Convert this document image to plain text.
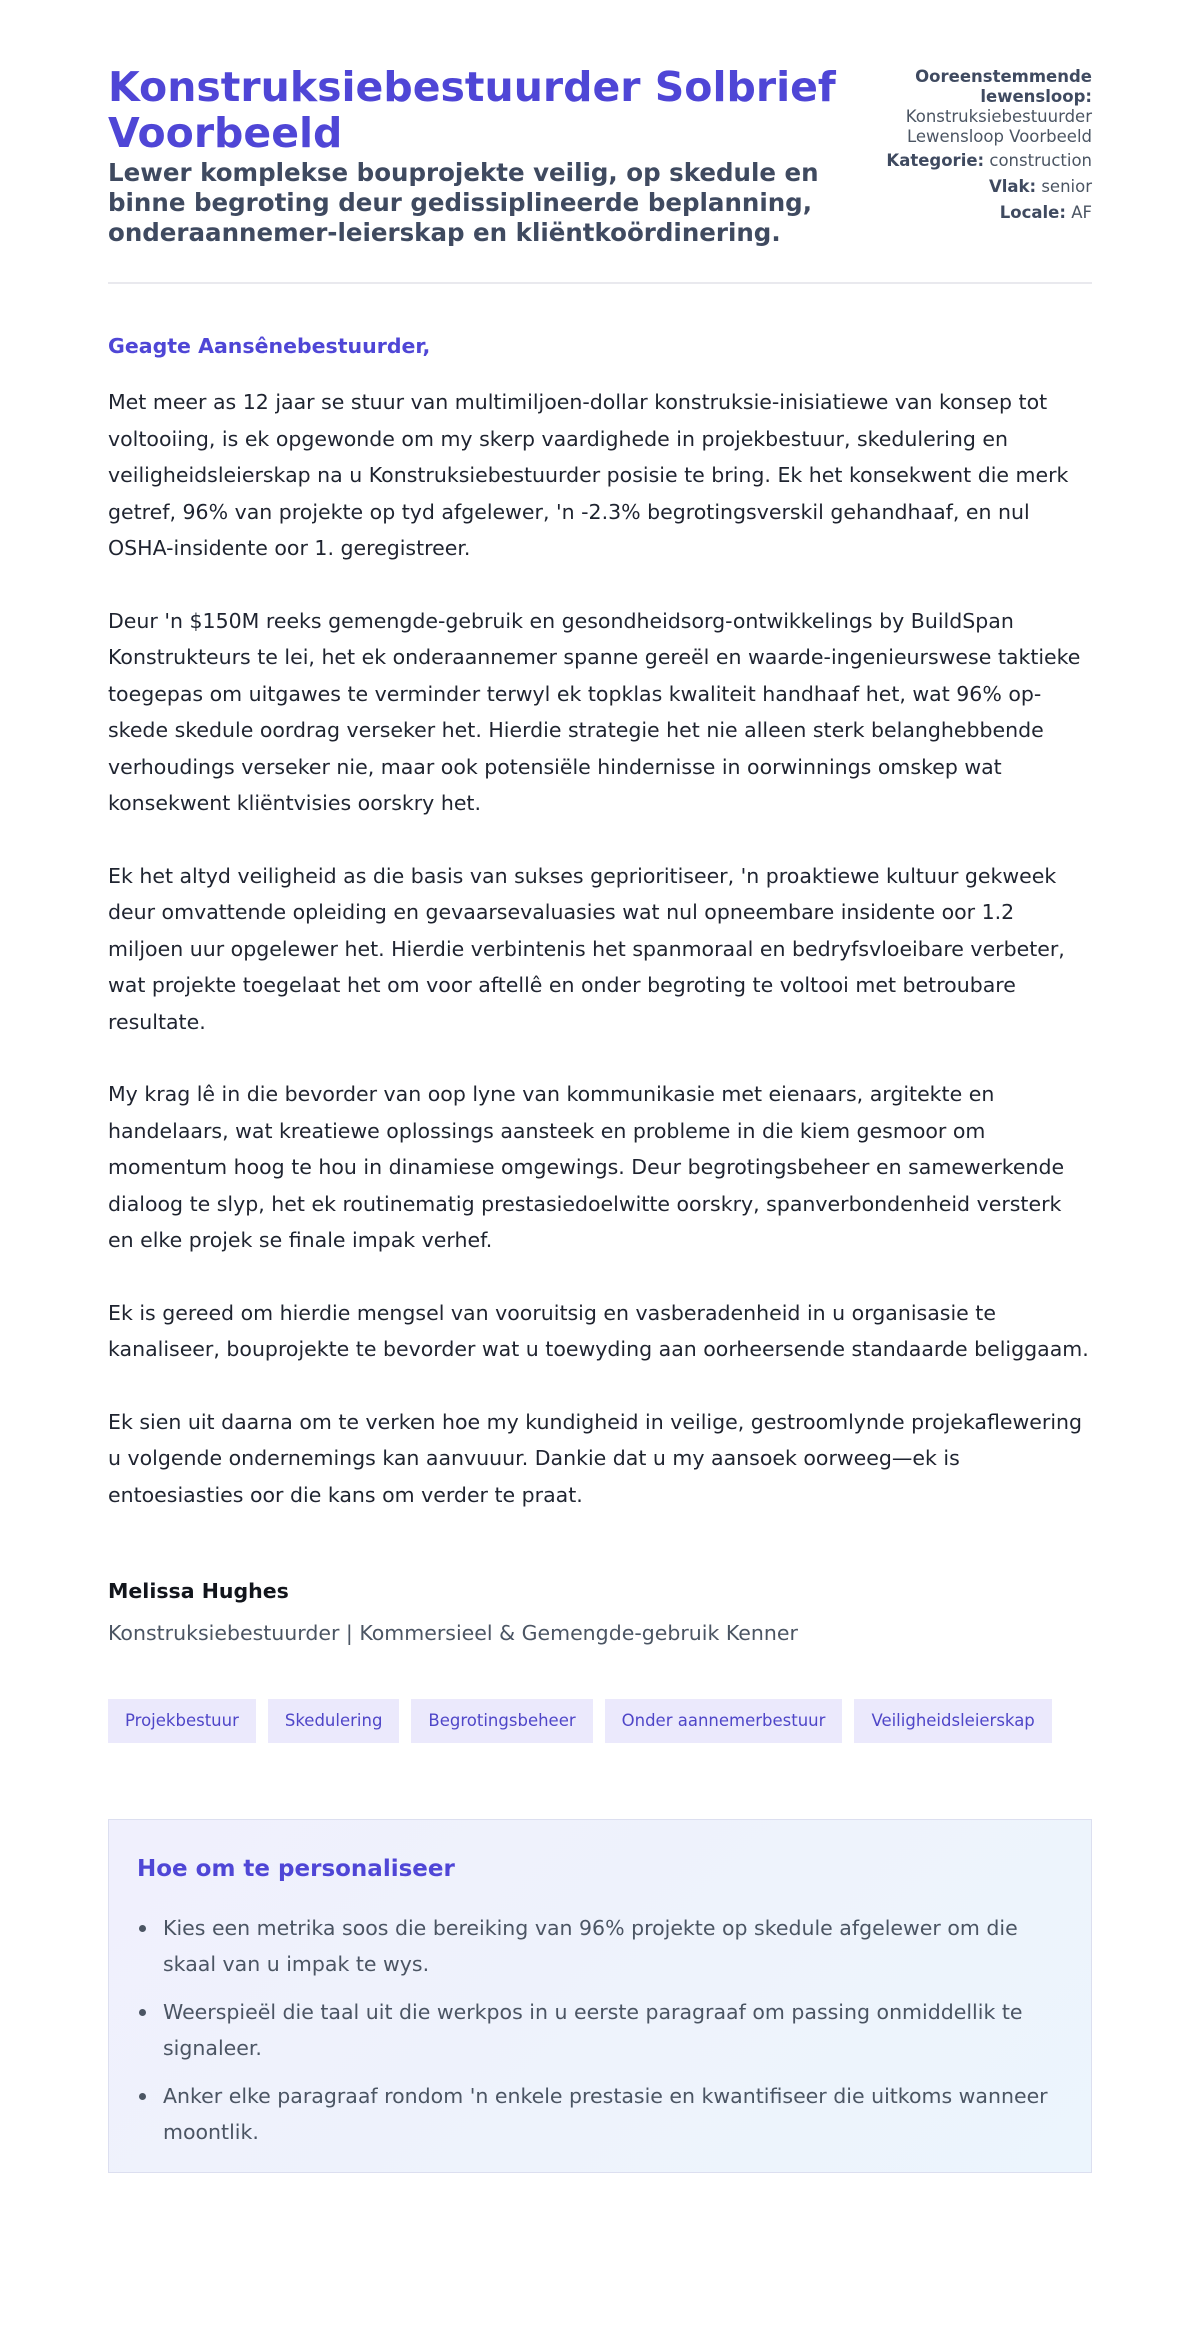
Konstruksiebestuurder Solbrief Voorbeeld
Lewer komplekse bouprojekte veilig, op skedule en binne begroting deur gedissiplineerde beplanning, onderaannemer-leierskap en kliëntkoördinering.
Ooreenstemmende lewensloop:
Konstruksiebestuurder Lewensloop Voorbeeld
Kategorie: construction
Vlak: senior
Locale: AF

Geagte Aansênebestuurder,

Met meer as 12 jaar se stuur van multimiljoen-dollar konstruksie-inisiatiewe van konsep tot voltooiing, is ek opgewonde om my skerp vaardighede in projekbestuur, skedulering en veiligheidsleierskap na u Konstruksiebestuurder posisie te bring. Ek het konsekwent die merk getref, 96% van projekte op tyd afgelewer, 'n -2.3% begrotingsverskil gehandhaaf, en nul OSHA-insidente oor 1. geregistreer.

Deur 'n $150M reeks gemengde-gebruik en gesondheidsorg-ontwikkelings by BuildSpan Konstrukteurs te lei, het ek onderaannemer spanne gereël en waarde-ingenieurswese taktieke toegepas om uitgawes te verminder terwyl ek topklas kwaliteit handhaaf het, wat 96% op-skede skedule oordrag verseker het. Hierdie strategie het nie alleen sterk belanghebbende verhoudings verseker nie, maar ook potensiële hindernisse in oorwinnings omskep wat konsekwent kliëntvisies oorskry het.

Ek het altyd veiligheid as die basis van sukses geprioritiseer, 'n proaktiewe kultuur gekweek deur omvattende opleiding en gevaarsevaluasies wat nul opneembare insidente oor 1.2 miljoen uur opgelewer het. Hierdie verbintenis het spanmoraal en bedryfsvloeibare verbeter, wat projekte toegelaat het om voor aftellê en onder begroting te voltooi met betroubare resultate.

My krag lê in die bevorder van oop lyne van kommunikasie met eienaars, argitekte en handelaars, wat kreatiewe oplossings aansteek en probleme in die kiem gesmoor om momentum hoog te hou in dinamiese omgewings. Deur begrotingsbeheer en samewerkende dialoog te slyp, het ek routinematig prestasiedoelwitte oorskry, spanverbondenheid versterk en elke projek se finale impak verhef.

Ek is gereed om hierdie mengsel van vooruitsig en vasberadenheid in u organisasie te kanaliseer, bouprojekte te bevorder wat u toewyding aan oorheersende standaarde beliggaam.

Ek sien uit daarna om te verken hoe my kundigheid in veilige, gestroomlynde projekaflewering u volgende ondernemings kan aanvuuur. Dankie dat u my aansoek oorweeg—ek is entoesiasties oor die kans om verder te praat.

Melissa Hughes
Konstruksiebestuurder | Kommersieel & Gemengde-gebruik Kenner
Projekbestuur	Skedulering	Begrotingsbeheer	Onder aannemerbestuur	Veiligheidsleierskap
Hoe om te personaliseer
Kies een metrika soos die bereiking van 96% projekte op skedule afgelewer om die skaal van u impak te wys.
Weerspieël die taal uit die werkpos in u eerste paragraaf om passing onmiddellik te signaleer.
Anker elke paragraaf rondom 'n enkele prestasie en kwantifiseer die uitkoms wanneer moontlik.
